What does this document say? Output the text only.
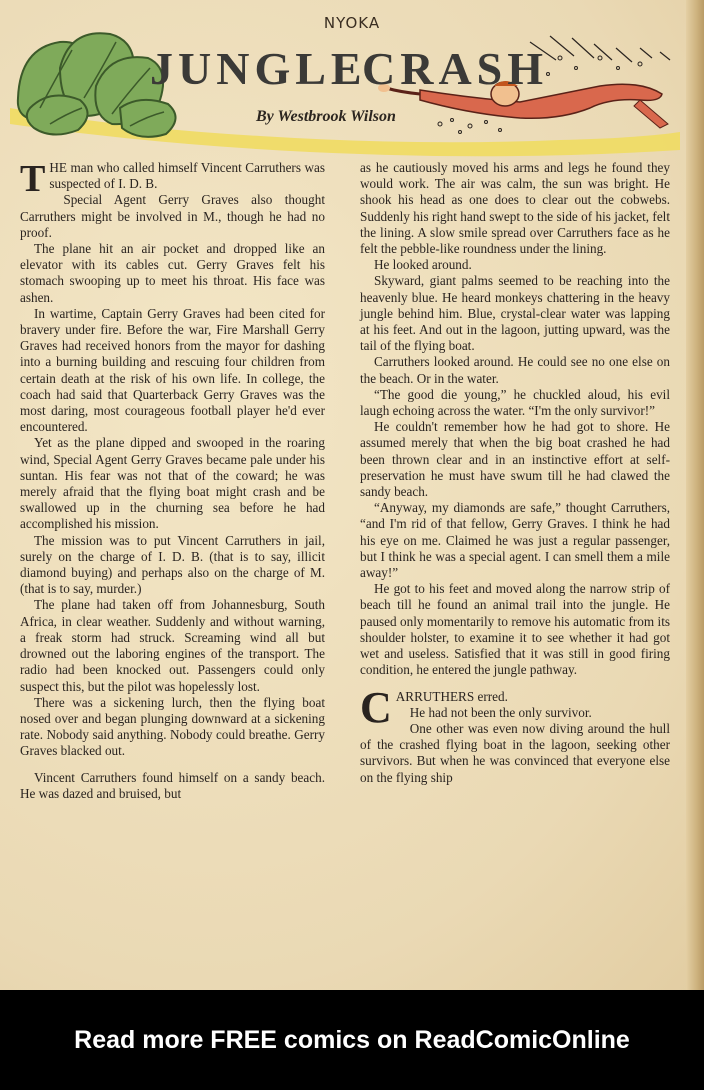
NYOKA
JUNGLE
CRASH
By Westbrook Wilson

THE man who called himself Vincent Carruthers was suspected of I. D. B.

Special Agent Gerry Graves also thought Carruthers might be involved in M., though he had no proof.

The plane hit an air pocket and dropped like an elevator with its cables cut. Gerry Graves felt his stomach swooping up to meet his throat. His face was ashen.

In wartime, Captain Gerry Graves had been cited for bravery under fire. Before the war, Fire Marshall Gerry Graves had received honors from the mayor for dashing into a burning building and rescuing four children from certain death at the risk of his own life. In college, the coach had said that Quarterback Gerry Graves was the most daring, most courageous football player he'd ever encountered.

Yet as the plane dipped and swooped in the roaring wind, Special Agent Gerry Graves became pale under his suntan. His fear was not that of the coward; he was merely afraid that the flying boat might crash and be swallowed up in the churning sea before he had accomplished his mission.

The mission was to put Vincent Carruthers in jail, surely on the charge of I. D. B. (that is to say, illicit diamond buying) and perhaps also on the charge of M. (that is to say, murder.)

The plane had taken off from Johannesburg, South Africa, in clear weather. Suddenly and without warning, a freak storm had struck. Screaming wind all but drowned out the laboring engines of the transport. The radio had been knocked out. Passengers could only suspect this, but the pilot was hopelessly lost.

There was a sickening lurch, then the flying boat nosed over and began plunging downward at a sickening rate. Nobody said anything. Nobody could breathe. Gerry Graves blacked out.

Vincent Carruthers found himself on a sandy beach. He was dazed and bruised, but

as he cautiously moved his arms and legs he found they would work. The air was calm, the sun was bright. He shook his head as one does to clear out the cobwebs. Suddenly his right hand swept to the side of his jacket, felt the lining. A slow smile spread over Carruthers face as he felt the pebble-like roundness under the lining.

He looked around.

Skyward, giant palms seemed to be reaching into the heavenly blue. He heard monkeys chattering in the heavy jungle behind him. Blue, crystal-clear water was lapping at his feet. And out in the lagoon, jutting upward, was the tail of the flying boat.

Carruthers looked around. He could see no one else on the beach. Or in the water.

“The good die young,” he chuckled aloud, his evil laugh echoing across the water. “I'm the only survivor!”

He couldn't remember how he had got to shore. He assumed merely that when the big boat crashed he had been thrown clear and in an instinctive effort at self-preservation he must have swum till he had clawed the sandy beach.

“Anyway, my diamonds are safe,” thought Carruthers, “and I'm rid of that fellow, Gerry Graves. I think he had his eye on me. Claimed he was just a regular passenger, but I think he was a special agent. I can smell them a mile away!”

He got to his feet and moved along the narrow strip of beach till he found an animal trail into the jungle. He paused only momentarily to remove his automatic from its shoulder holster, to examine it to see whether it had got wet and useless. Satisfied that it was still in good firing condition, he entered the jungle pathway.

CARRUTHERS erred.

He had not been the only survivor.

One other was even now diving around the hull of the crashed flying boat in the lagoon, seeking other survivors. But when he was convinced that everyone else on the flying ship

Read more FREE comics on ReadComicOnline
